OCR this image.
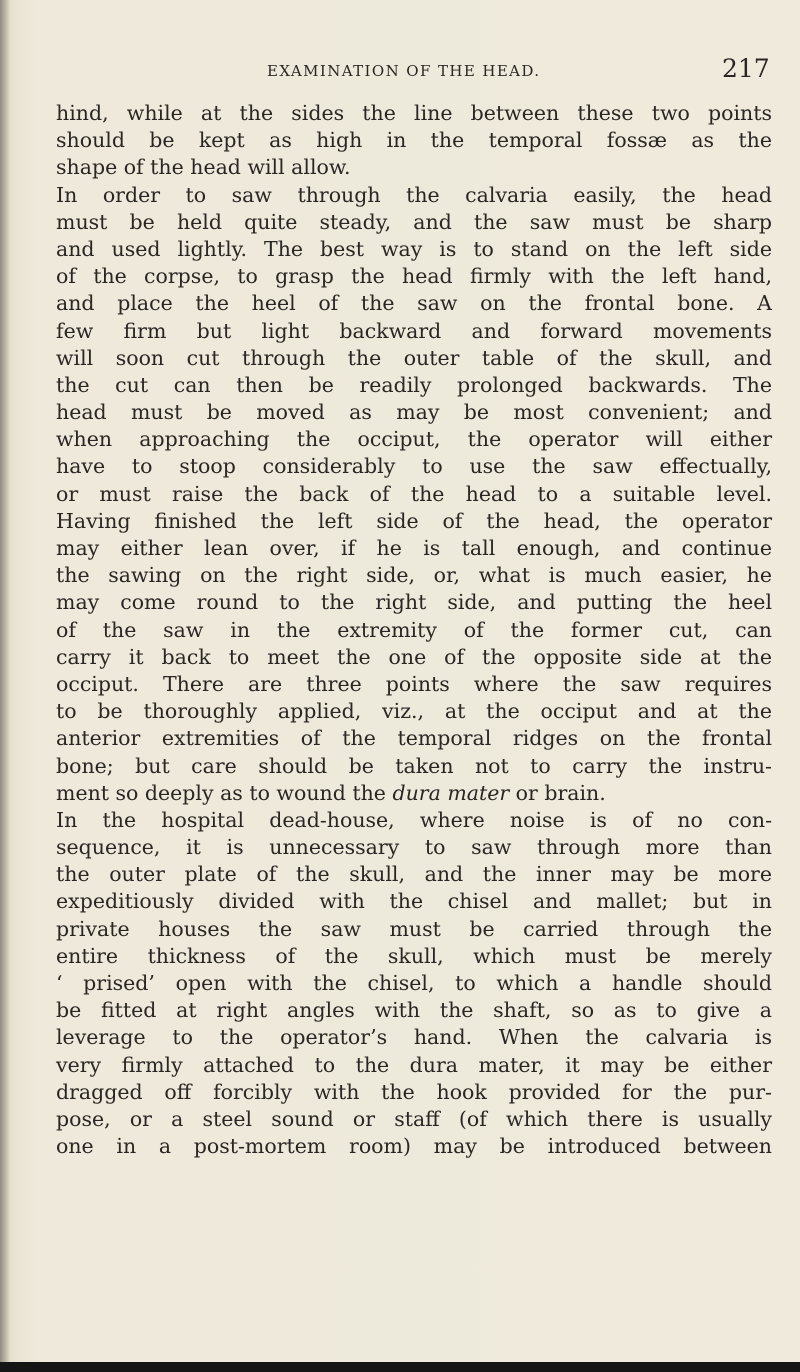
EXAMINATION OF THE HEAD.	217
hind, while at the sides the line between these two points
should be kept as high in the temporal fossæ as the
shape of the head will allow.
In order to saw through the calvaria easily, the head
must be held quite steady, and the saw must be sharp
and used lightly. The best way is to stand on the left side
of the corpse, to grasp the head firmly with the left hand,
and place the heel of the saw on the frontal bone. A
few firm but light backward and forward movements
will soon cut through the outer table of the skull, and
the cut can then be readily prolonged backwards. The
head must be moved as may be most convenient; and
when approaching the occiput, the operator will either
have to stoop considerably to use the saw effectually,
or must raise the back of the head to a suitable level.
Having finished the left side of the head, the operator
may either lean over, if he is tall enough, and continue
the sawing on the right side, or, what is much easier, he
may come round to the right side, and putting the heel
of the saw in the extremity of the former cut, can
carry it back to meet the one of the opposite side at the
occiput. There are three points where the saw requires
to be thoroughly applied, viz., at the occiput and at the
anterior extremities of the temporal ridges on the frontal
bone; but care should be taken not to carry the instru-
ment so deeply as to wound the dura mater or brain.
In the hospital dead-house, where noise is of no con-
sequence, it is unnecessary to saw through more than
the outer plate of the skull, and the inner may be more
expeditiously divided with the chisel and mallet; but in
private houses the saw must be carried through the
entire thickness of the skull, which must be merely
‘ prised’ open with the chisel, to which a handle should
be fitted at right angles with the shaft, so as to give a
leverage to the operator’s hand. When the calvaria is
very firmly attached to the dura mater, it may be either
dragged off forcibly with the hook provided for the pur-
pose, or a steel sound or staff (of which there is usually
one in a post-mortem room) may be introduced between
